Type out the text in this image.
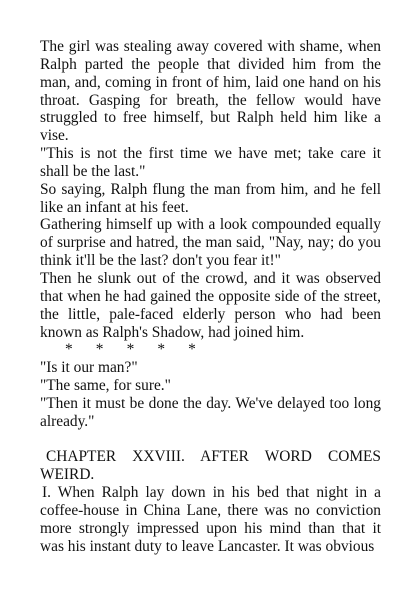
The girl was stealing away covered with shame, when Ralph parted the people that divided him from the man, and, coming in front of him, laid one hand on his throat. Gasping for breath, the fellow would have struggled to free himself, but Ralph held him like a vise.

"This is not the first time we have met; take care it shall be the last."

So saying, Ralph flung the man from him, and he fell like an infant at his feet.

Gathering himself up with a look compounded equally of surprise and hatred, the man said, "Nay, nay; do you think it'll be the last? don't you fear it!"

Then he slunk out of the crowd, and it was observed that when he had gained the opposite side of the street, the little, pale-faced elderly person who had been known as Ralph's Shadow, had joined him.

*      *      *      *      *

"Is it our man?"

"The same, for sure."

"Then it must be done the day. We've delayed too long already."

CHAPTER XXVIII. AFTER WORD COMES WEIRD.

I. When Ralph lay down in his bed that night in a coffee-house in China Lane, there was no conviction more strongly impressed upon his mind than that it was his instant duty to leave Lancaster. It was obvious
